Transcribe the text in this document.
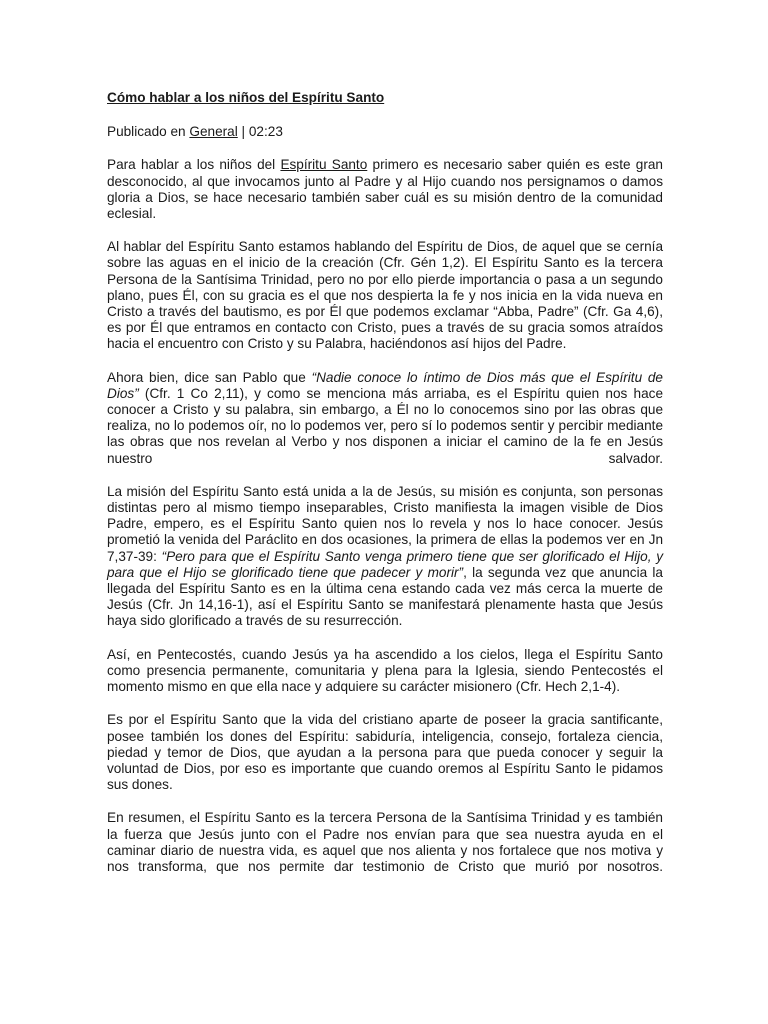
Cómo hablar a los niños del Espíritu Santo
Publicado en General | 02:23

Para hablar a los niños del Espíritu Santo primero es necesario saber quién es este gran desconocido, al que invocamos junto al Padre y al Hijo cuando nos persignamos o damos gloria a Dios, se hace necesario también saber cuál es su misión dentro de la comunidad eclesial.

Al hablar del Espíritu Santo estamos hablando del Espíritu de Dios, de aquel que se cernía sobre las aguas en el inicio de la creación (Cfr. Gén 1,2). El Espíritu Santo es la tercera Persona de la Santísima Trinidad, pero no por ello pierde importancia o pasa a un segundo plano, pues Él, con su gracia es el que nos despierta la fe y nos inicia en la vida nueva en Cristo a través del bautismo, es por Él que podemos exclamar “Abba, Padre” (Cfr. Ga 4,6), es por Él que entramos en contacto con Cristo, pues a través de su gracia somos atraídos hacia el encuentro con Cristo y su Palabra, haciéndonos así hijos del Padre.

Ahora bien, dice san Pablo que “Nadie conoce lo íntimo de Dios más que el Espíritu de Dios” (Cfr. 1 Co 2,11), y como se menciona más arriaba, es el Espíritu quien nos hace conocer a Cristo y su palabra, sin embargo, a Él no lo conocemos sino por las obras que realiza, no lo podemos oír, no lo podemos ver, pero sí lo podemos sentir y percibir mediante las obras que nos revelan al Verbo y nos disponen a iniciar el camino de la fe en Jesús nuestro salvador.

La misión del Espíritu Santo está unida a la de Jesús, su misión es conjunta, son personas distintas pero al mismo tiempo inseparables, Cristo manifiesta la imagen visible de Dios Padre, empero, es el Espíritu Santo quien nos lo revela y nos lo hace conocer. Jesús prometió la venida del Paráclito en dos ocasiones, la primera de ellas la podemos ver en Jn 7,37-39: “Pero para que el Espíritu Santo venga primero tiene que ser glorificado el Hijo, y para que el Hijo se glorificado tiene que padecer y morir”, la segunda vez que anuncia la llegada del Espíritu Santo es en la última cena estando cada vez más cerca la muerte de Jesús (Cfr. Jn 14,16-1), así el Espíritu Santo se manifestará plenamente hasta que Jesús haya sido glorificado a través de su resurrección.

Así, en Pentecostés, cuando Jesús ya ha ascendido a los cielos, llega el Espíritu Santo como presencia permanente, comunitaria y plena para la Iglesia, siendo Pentecostés el momento mismo en que ella nace y adquiere su carácter misionero (Cfr. Hech 2,1-4).

Es por el Espíritu Santo que la vida del cristiano aparte de poseer la gracia santificante, posee también los dones del Espíritu: sabiduría, inteligencia, consejo, fortaleza ciencia, piedad y temor de Dios, que ayudan a la persona para que pueda conocer y seguir la voluntad de Dios, por eso es importante que cuando oremos al Espíritu Santo le pidamos sus dones.

En resumen, el Espíritu Santo es la tercera Persona de la Santísima Trinidad y es también la fuerza que Jesús junto con el Padre nos envían para que sea nuestra ayuda en el caminar diario de nuestra vida, es aquel que nos alienta y nos fortalece que nos motiva y nos transforma, que nos permite dar testimonio de Cristo que murió por nosotros.
